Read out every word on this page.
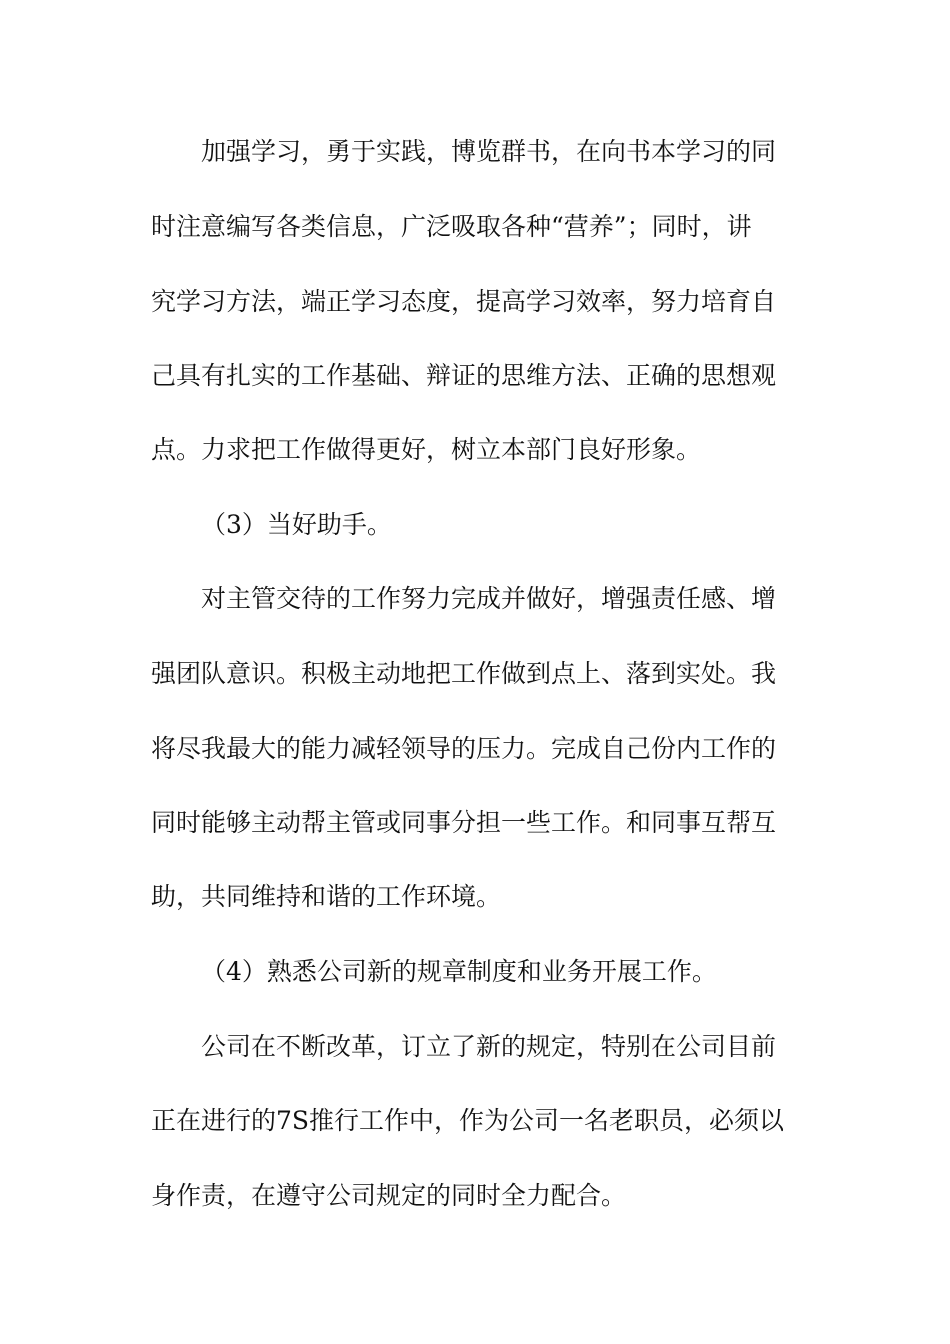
加强学习，勇于实践，博览群书，在向书本学习的同

时注意编写各类信息，广泛吸取各种“营养”；同时，讲

究学习方法，端正学习态度，提高学习效率，努力培育自

己具有扎实的工作基础、辩证的思维方法、正确的思想观

点。力求把工作做得更好，树立本部门良好形象。

（3）当好助手。

对主管交待的工作努力完成并做好，增强责任感、增

强团队意识。积极主动地把工作做到点上、落到实处。我

将尽我最大的能力减轻领导的压力。完成自己份内工作的

同时能够主动帮主管或同事分担一些工作。和同事互帮互

助，共同维持和谐的工作环境。

（4）熟悉公司新的规章制度和业务开展工作。

公司在不断改革，订立了新的规定，特别在公司目前

正在进行的7S推行工作中，作为公司一名老职员，必须以

身作责，在遵守公司规定的同时全力配合。
